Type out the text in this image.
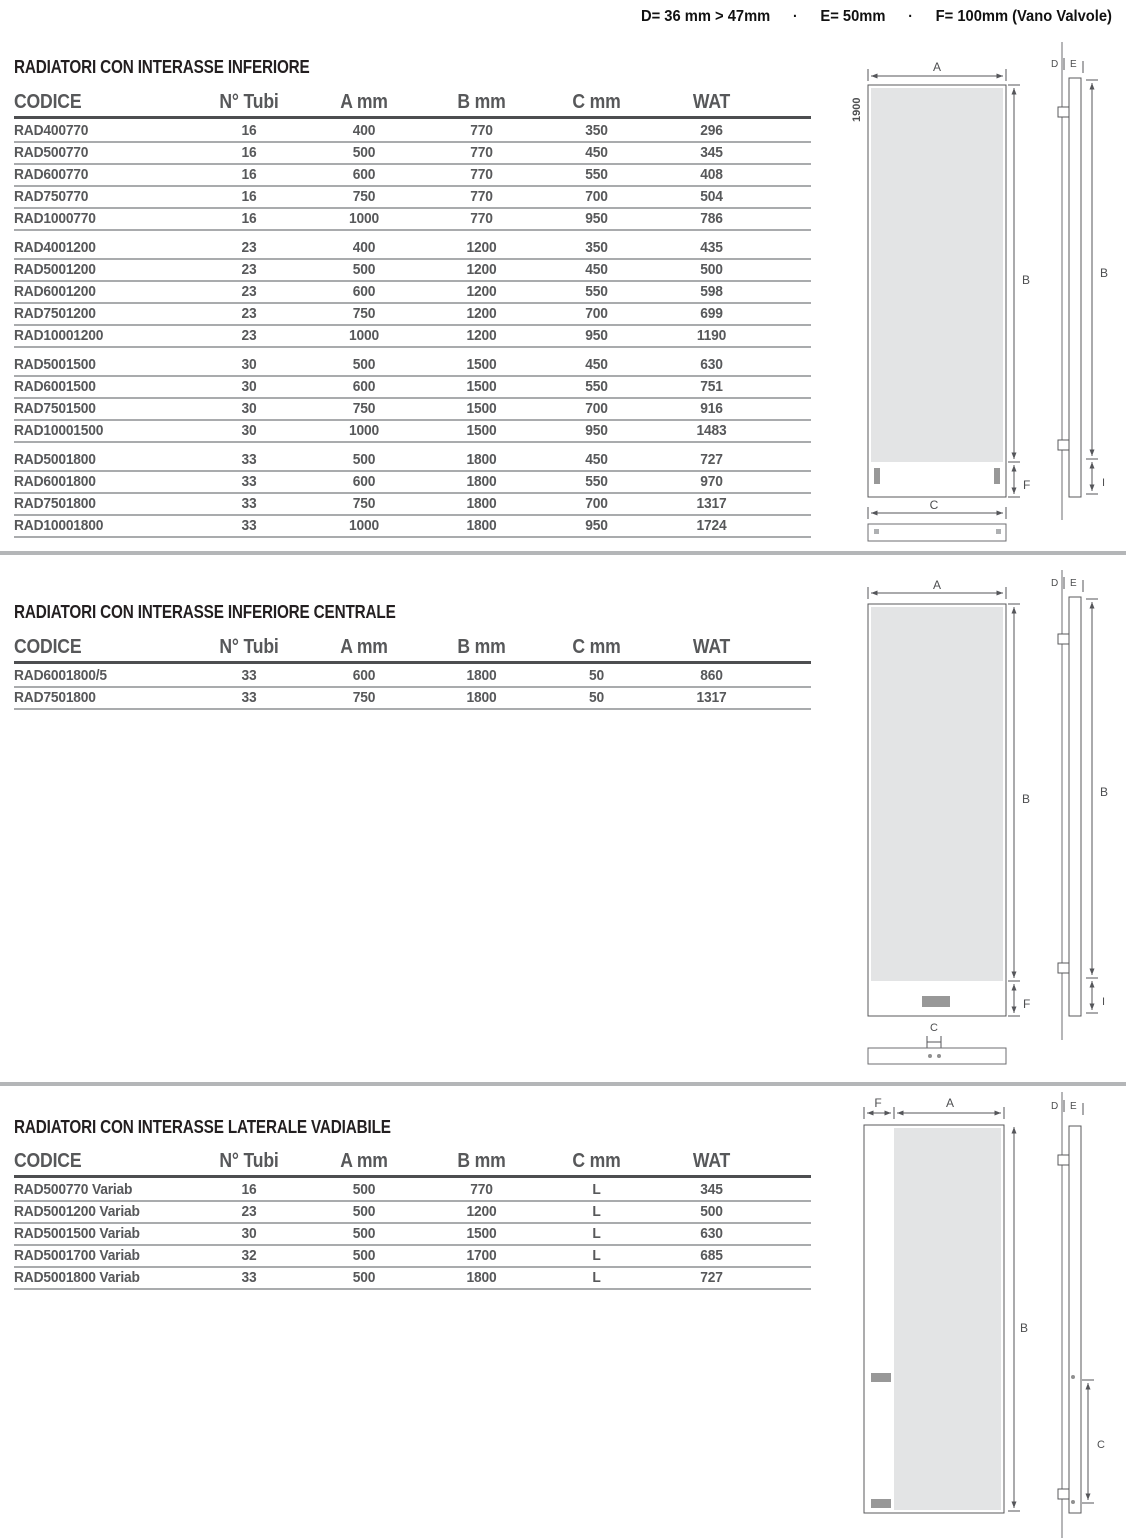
D= 36 mm > 47mm · E= 50mm · F= 100mm (Vano Valvole)
RADIATORI CON INTERASSE INFERIORE
CODICE	N° Tubi	A mm	B mm	C mm	WAT
RAD400770	16	400	770	350	296
RAD500770	16	500	770	450	345
RAD600770	16	600	770	550	408
RAD750770	16	750	770	700	504
RAD1000770	16	1000	770	950	786
RAD4001200	23	400	1200	350	435
RAD5001200	23	500	1200	450	500
RAD6001200	23	600	1200	550	598
RAD7501200	23	750	1200	700	699
RAD10001200	23	1000	1200	950	1190
RAD5001500	30	500	1500	450	630
RAD6001500	30	600	1500	550	751
RAD7501500	30	750	1500	700	916
RAD10001500	30	1000	1500	950	1483
RAD5001800	33	500	1800	450	727
RAD6001800	33	600	1800	550	970
RAD7501800	33	750	1800	700	1317
RAD10001800	33	1000	1800	950	1724
RADIATORI CON INTERASSE INFERIORE CENTRALE
CODICE	N° Tubi	A mm	B mm	C mm	WAT
RAD6001800/5	33	600	1800	50	860
RAD7501800	33	750	1800	50	1317
RADIATORI CON INTERASSE LATERALE VADIABILE
CODICE	N° Tubi	A mm	B mm	C mm	WAT
RAD500770 Variab	16	500	770	L	345
RAD5001200 Variab	23	500	1200	L	500
RAD5001500 Variab	30	500	1500	L	630
RAD5001700 Variab	32	500	1700	L	685
RAD5001800 Variab	33	500	1800	L	727
A
1900
B
F
C
D E
B
I
A
B
F
C
D E
B
I
F	A
B
D E
C
